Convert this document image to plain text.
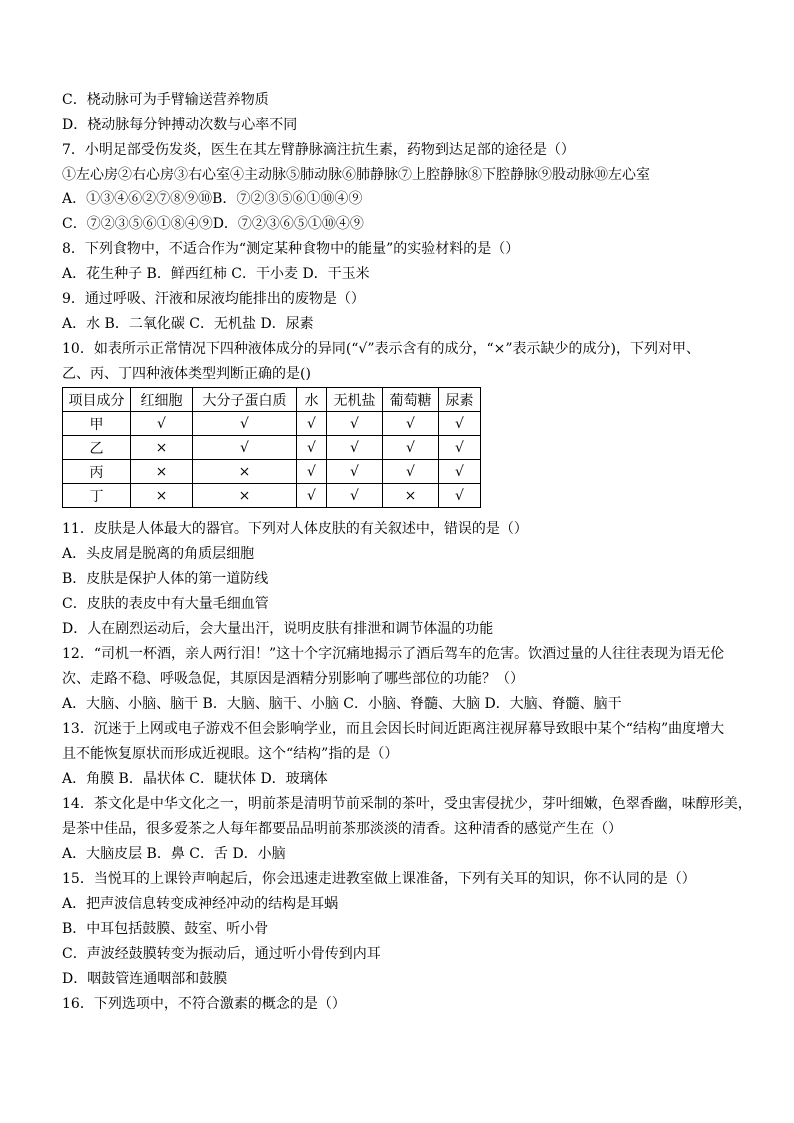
C．桡动脉可为手臂输送营养物质
D．桡动脉每分钟搏动次数与心率不同
7．小明足部受伤发炎，医生在其左臂静脉滴注抗生素，药物到达足部的途径是（）
①左心房②右心房③右心室④主动脉⑤肺动脉⑥肺静脉⑦上腔静脉⑧下腔静脉⑨股动脉⑩左心室
A．①③④⑥②⑦⑧⑨⑩B．⑦②③⑤⑥①⑩④⑨
C．⑦②③⑤⑥①⑧④⑨D．⑦②③⑥⑤①⑩④⑨
8．下列食物中，不适合作为“测定某种食物中的能量”的实验材料的是（）
A．花生种子 B．鲜西红柿 C．干小麦 D．干玉米
9．通过呼吸、汗液和尿液均能排出的废物是（）
A．水 B．二氧化碳 C．无机盐 D．尿素
10．如表所示正常情况下四种液体成分的异同(“√”表示含有的成分，“×”表示缺少的成分)，下列对甲、
乙、丙、丁四种液体类型判断正确的是()
项目成分	红细胞	大分子蛋白质	水	无机盐	葡萄糖	尿素
甲	√	√	√	√	√	√
乙	×	√	√	√	√	√
丙	×	×	√	√	√	√
丁	×	×	√	√	×	√
11．皮肤是人体最大的器官。下列对人体皮肤的有关叙述中，错误的是（）
A．头皮屑是脱离的角质层细胞
B．皮肤是保护人体的第一道防线
C．皮肤的表皮中有大量毛细血管
D．人在剧烈运动后，会大量出汗，说明皮肤有排泄和调节体温的功能
12．“司机一杯酒，亲人两行泪！”这十个字沉痛地揭示了酒后驾车的危害。饮酒过量的人往往表现为语无伦
次、走路不稳、呼吸急促，其原因是酒精分别影响了哪些部位的功能？（）
A．大脑、小脑、脑干 B．大脑、脑干、小脑 C．小脑、脊髓、大脑 D．大脑、脊髓、脑干
13．沉迷于上网或电子游戏不但会影响学业，而且会因长时间近距离注视屏幕导致眼中某个“结构”曲度增大
且不能恢复原状而形成近视眼。这个“结构”指的是（）
A．角膜 B．晶状体 C．睫状体 D．玻璃体
14．茶文化是中华文化之一，明前茶是清明节前采制的茶叶，受虫害侵扰少，芽叶细嫩，色翠香幽，味醇形美，
是茶中佳品，很多爱茶之人每年都要品品明前茶那淡淡的清香。这种清香的感觉产生在（）
A．大脑皮层 B．鼻 C．舌 D．小脑
15．当悦耳的上课铃声响起后，你会迅速走进教室做上课准备，下列有关耳的知识，你不认同的是（）
A．把声波信息转变成神经冲动的结构是耳蜗
B．中耳包括鼓膜、鼓室、听小骨
C．声波经鼓膜转变为振动后，通过听小骨传到内耳
D．咽鼓管连通咽部和鼓膜
16．下列选项中，不符合激素的概念的是（）
